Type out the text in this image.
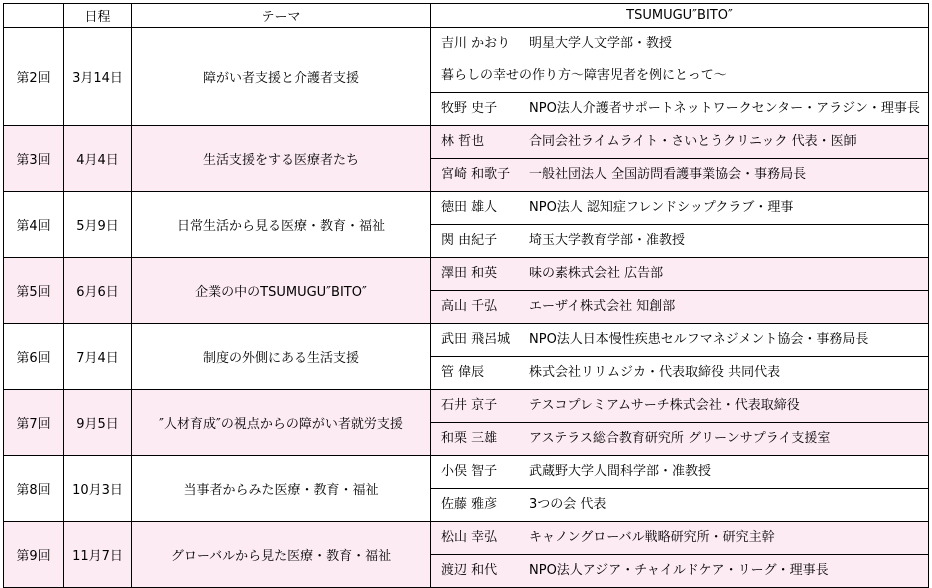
	日程	テーマ	TSUMUGU″BITO″
第2回	3月14日	障がい者支援と介護者支援	吉川 かおり 明星大学人文学部・教授
暮らしの幸せの作り方～障害児者を例にとって～

			牧野 史子 NPO法人介護者サポートネットワークセンター・アラジン・理事長

第3回	4月4日	生活支援をする医療者たち	林 哲也 合同会社ライムライト・さいとうクリニック 代表・医師

			宮崎 和歌子 一般社団法人 全国訪問看護事業協会・事務局長

第4回	5月9日	日常生活から見る医療・教育・福祉	徳田 雄人 NPO法人 認知症フレンドシップクラブ・理事

			関 由紀子 埼玉大学教育学部・准教授

第5回	6月6日	企業の中のTSUMUGU″BITO″	澤田 和英 味の素株式会社 広告部

			高山 千弘 エーザイ株式会社 知創部

第6回	7月4日	制度の外側にある生活支援	武田 飛呂城 NPO法人日本慢性疾患セルフマネジメント協会・事務局長

			管 偉辰 株式会社リリムジカ・代表取締役 共同代表

第7回	9月5日	″人材育成″の視点からの障がい者就労支援	石井 京子 テスコプレミアムサーチ株式会社・代表取締役

			和栗 三雄 アステラス総合教育研究所 グリーンサプライ支援室

第8回	10月3日	当事者からみた医療・教育・福祉	小俣 智子 武蔵野大学人間科学部・准教授

			佐藤 雅彦 3つの会 代表

第9回	11月7日	グローバルから見た医療・教育・福祉	松山 幸弘 キャノングローバル戦略研究所・研究主幹

			渡辺 和代 NPO法人アジア・チャイルドケア・リーグ・理事長
